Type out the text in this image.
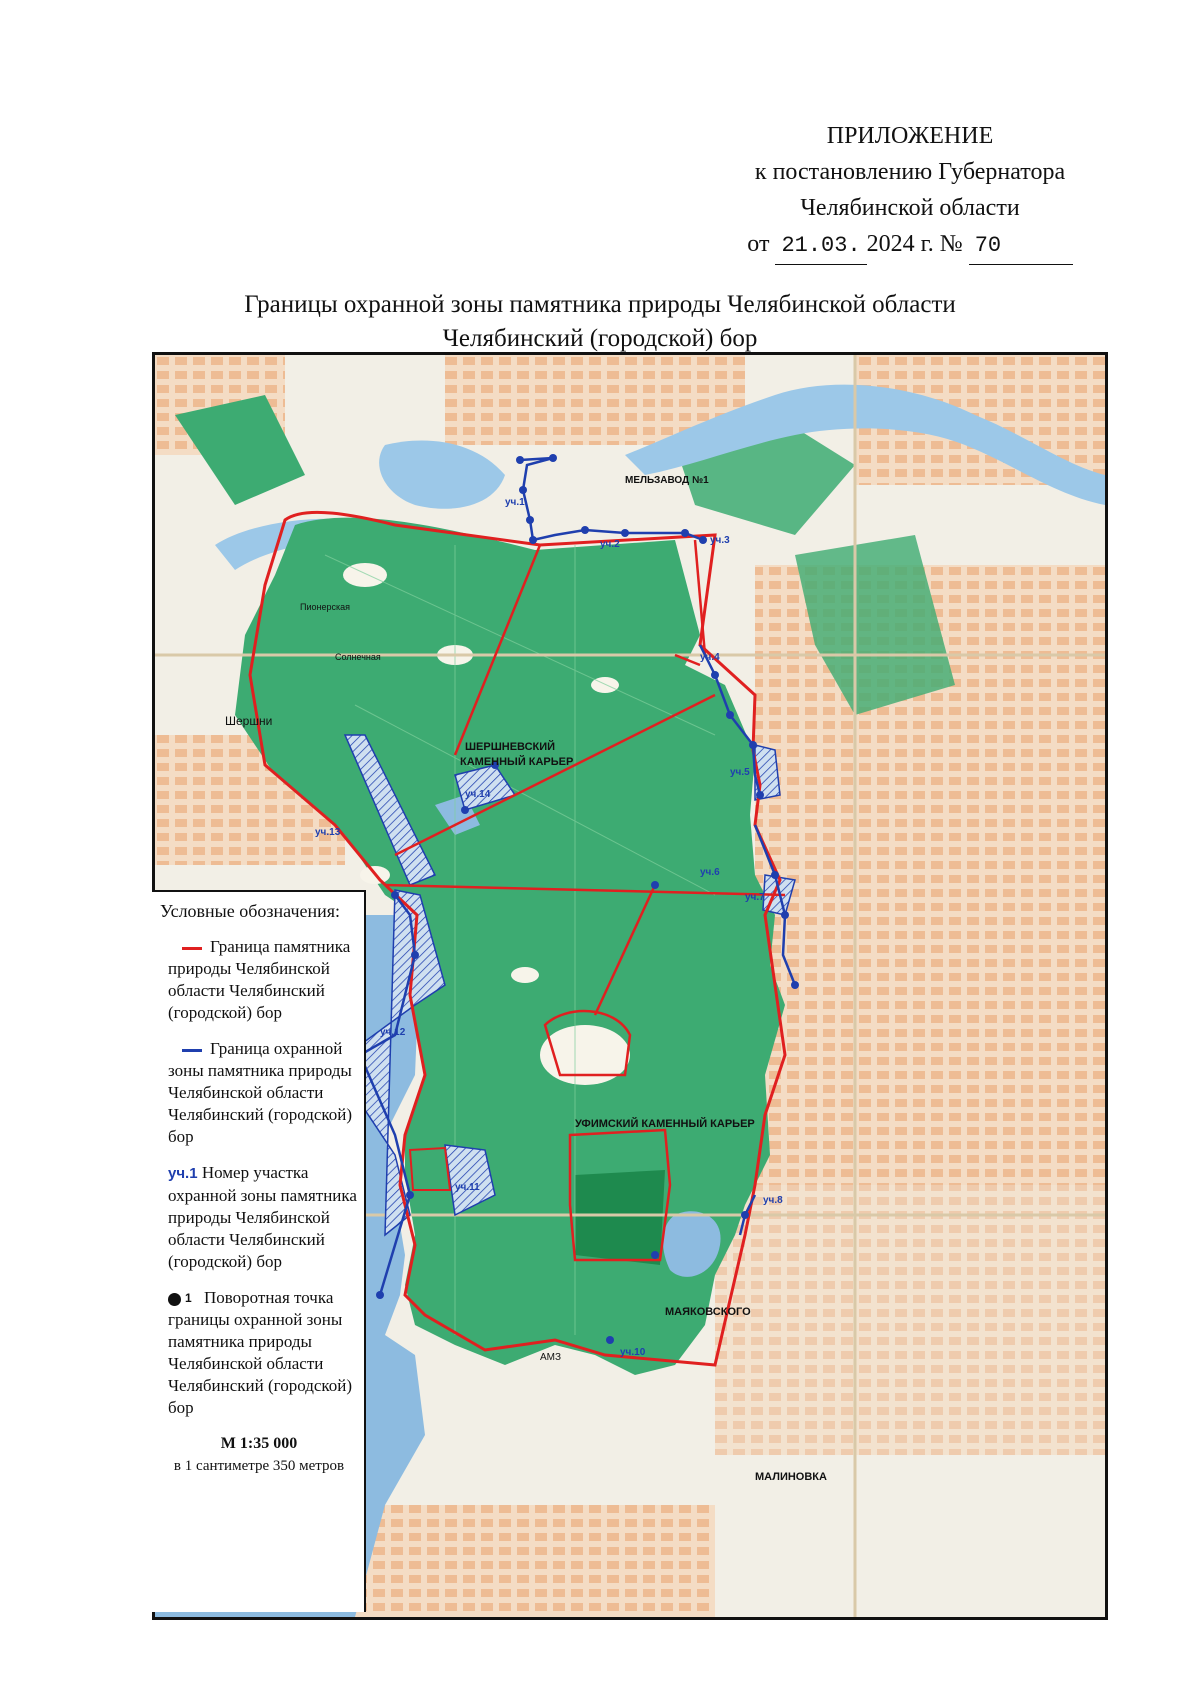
ПРИЛОЖЕНИЕ
к постановлению Губернатора
Челябинской области
от 21.03. 2024 г. № 70
Границы охранной зоны памятника природы Челябинской области
Челябинский (городской) бор
ШЕРШНЕВСКИЙ
КАМЕННЫЙ КАРЬЕР
УФИМСКИЙ КАМЕННЫЙ КАРЬЕР
МАЯКОВСКОГО
МАЛИНОВКА
МЕЛЬЗАВОД №1
Шершни
Солнечная
Пионерская
АМЗ
уч.1
уч.2	уч.3
уч.4
уч.5
уч.6
уч.7
уч.8
уч.10
уч.11
уч.12
уч.13
уч.14
Условные обозначения:
Граница памятника природы Челябинской области Челябинский (городской) бор
Граница охранной зоны памятника природы Челябинской области Челябинский (городской) бор
уч.1 Номер участка охранной зоны памятника природы Челябинской области Челябинский (городской) бор
$^1$ Поворотная точка границы охранной зоны памятника природы Челябинской области Челябинский (городской) бор
М 1:35 000
в 1 сантиметре 350 метров
